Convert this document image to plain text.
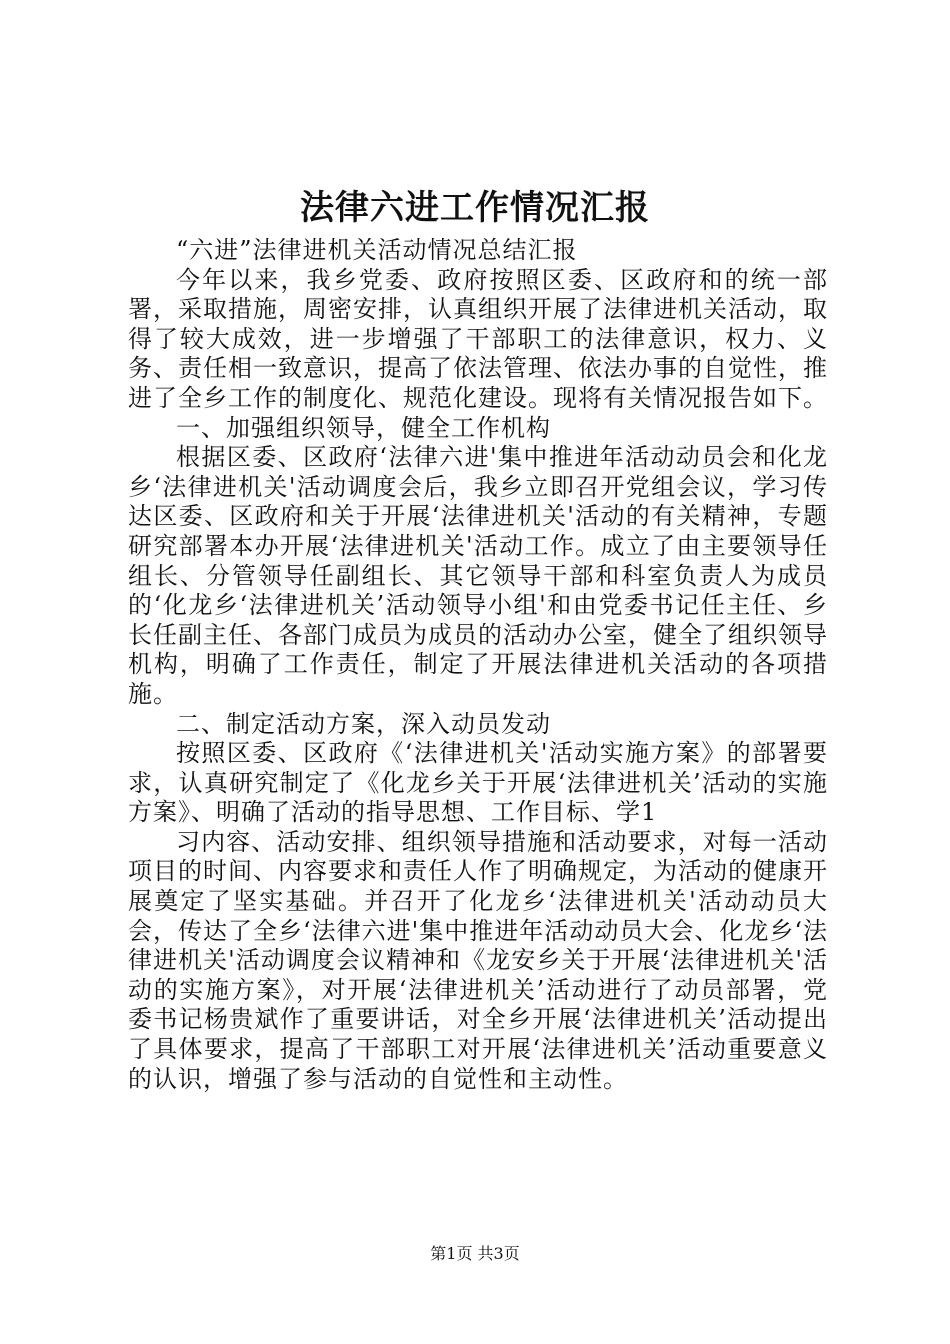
法律六进工作情况汇报

“六进”法律进机关活动情况总结汇报

今年以来，我乡党委、政府按照区委、区政府和的统一部署，采取措施，周密安排，认真组织开展了法律进机关活动，取得了较大成效，进一步增强了干部职工的法律意识，权力、义务、责任相一致意识，提高了依法管理、依法办事的自觉性，推进了全乡工作的制度化、规范化建设。现将有关情况报告如下。

一、加强组织领导，健全工作机构

根据区委、区政府‘法律六进'集中推进年活动动员会和化龙乡‘法律进机关'活动调度会后，我乡立即召开党组会议，学习传达区委、区政府和关于开展‘法律进机关'活动的有关精神，专题研究部署本办开展‘法律进机关'活动工作。成立了由主要领导任组长、分管领导任副组长、其它领导干部和科室负责人为成员的‘化龙乡‘法律进机关’活动领导小组'和由党委书记任主任、乡长任副主任、各部门成员为成员的活动办公室，健全了组织领导机构，明确了工作责任，制定了开展法律进机关活动的各项措施。

二、制定活动方案，深入动员发动

按照区委、区政府《‘法律进机关'活动实施方案》的部署要求，认真研究制定了《化龙乡关于开展‘法律进机关’活动的实施方案》、明确了活动的指导思想、工作目标、学1

习内容、活动安排、组织领导措施和活动要求，对每一活动项目的时间、内容要求和责任人作了明确规定，为活动的健康开展奠定了坚实基础。并召开了化龙乡‘法律进机关'活动动员大会，传达了全乡‘法律六进'集中推进年活动动员大会、化龙乡‘法律进机关'活动调度会议精神和《龙安乡关于开展‘法律进机关'活动的实施方案》，对开展‘法律进机关’活动进行了动员部署，党委书记杨贵斌作了重要讲话，对全乡开展‘法律进机关’活动提出了具体要求，提高了干部职工对开展‘法律进机关’活动重要意义的认识，增强了参与活动的自觉性和主动性。

第1页 共3页
